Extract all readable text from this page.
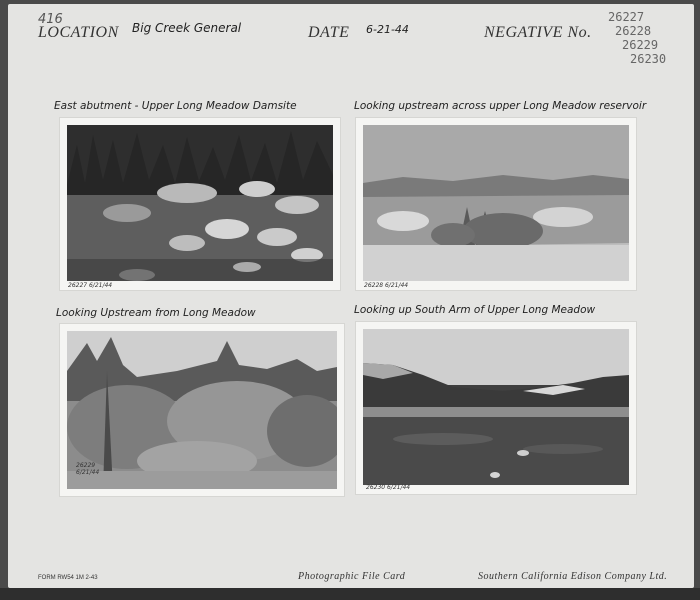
416
LOCATION Big Creek General	DATE 6-21-44	NEGATIVE No.
26227
26228
26229
26230
East abutment - Upper Long Meadow Damsite	Looking upstream across upper Long Meadow reservoir
Looking Upstream from Long Meadow	Looking up South Arm of Upper Long Meadow
26227 6/21/44	26228 6/21/44
26229 6/21/44
26230 6/21/44
FORM RW54 1M 2-43	Photographic File Card	Southern California Edison Company Ltd.
